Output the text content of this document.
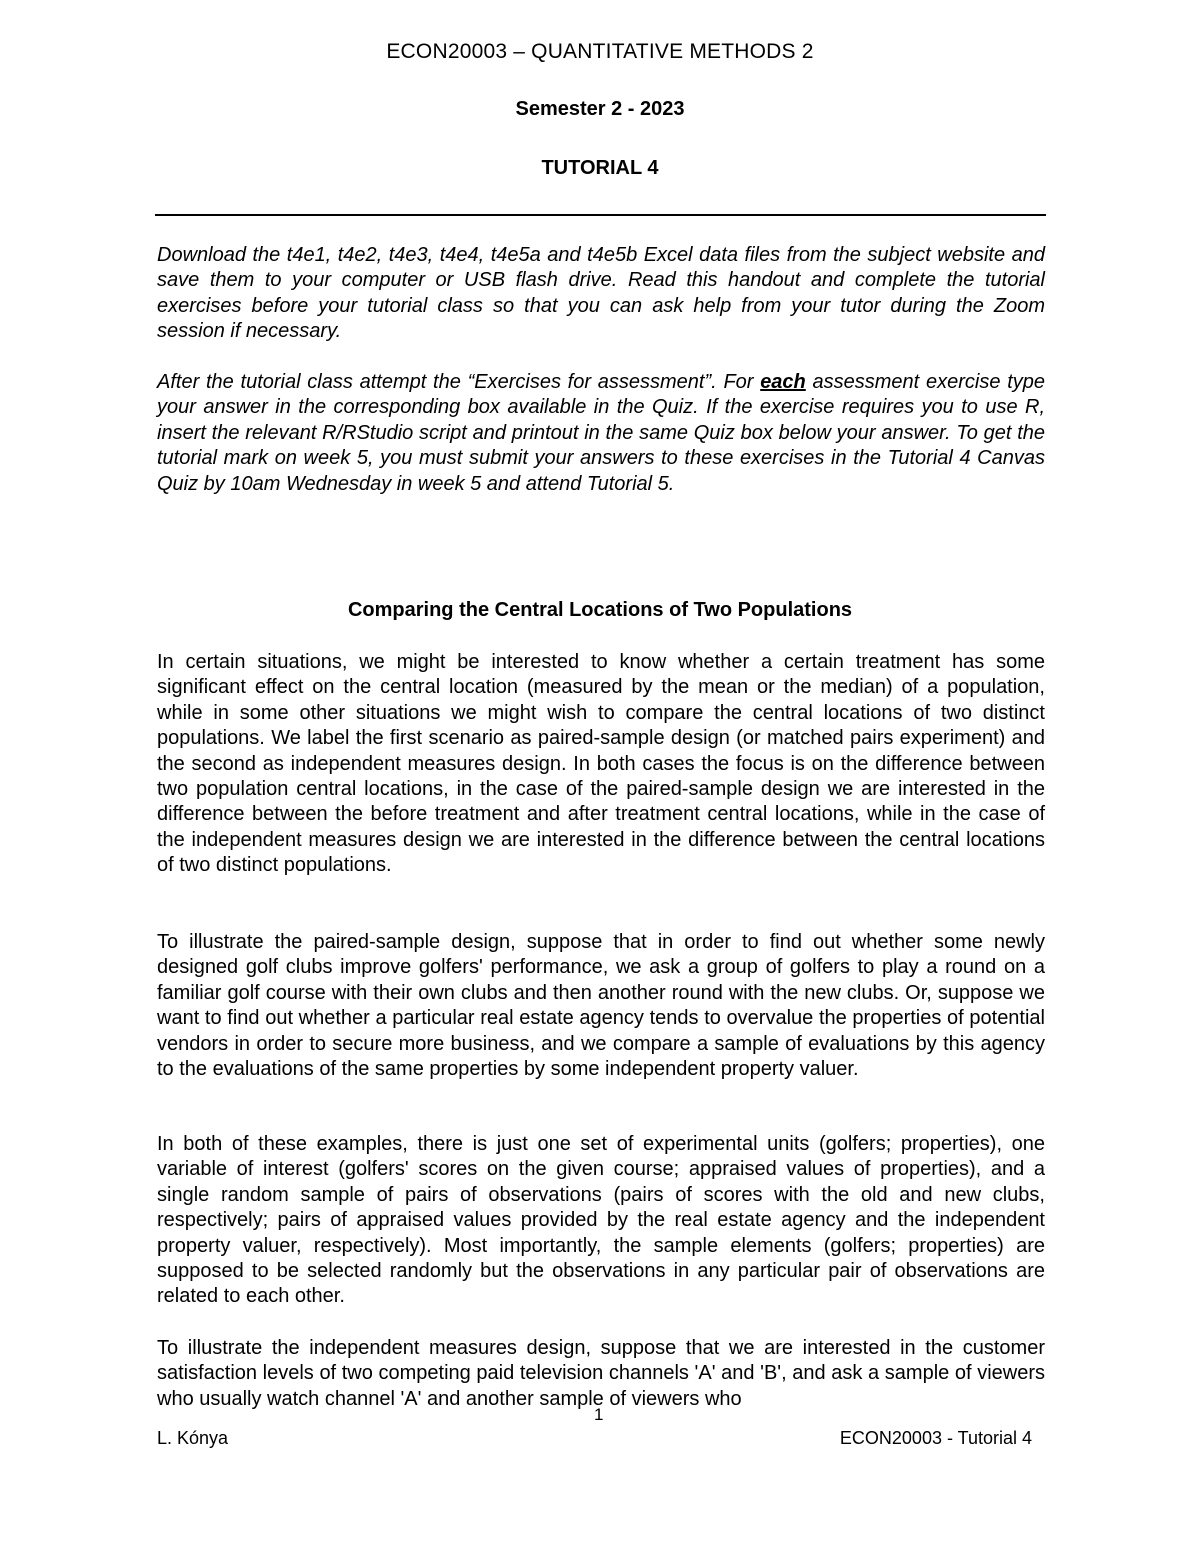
ECON20003 – QUANTITATIVE METHODS 2
Semester 2 - 2023
TUTORIAL 4

Download the t4e1, t4e2, t4e3, t4e4, t4e5a and t4e5b Excel data files from the subject website and save them to your computer or USB flash drive. Read this handout and complete the tutorial exercises before your tutorial class so that you can ask help from your tutor during the Zoom session if necessary.

After the tutorial class attempt the “Exercises for assessment”. For each assessment exercise type your answer in the corresponding box available in the Quiz. If the exercise requires you to use R, insert the relevant R/RStudio script and printout in the same Quiz box below your answer. To get the tutorial mark on week 5, you must submit your answers to these exercises in the Tutorial 4 Canvas Quiz by 10am Wednesday in week 5 and attend Tutorial 5.

Comparing the Central Locations of Two Populations

In certain situations, we might be interested to know whether a certain treatment has some significant effect on the central location (measured by the mean or the median) of a population, while in some other situations we might wish to compare the central locations of two distinct populations. We label the first scenario as paired-sample design (or matched pairs experiment) and the second as independent measures design. In both cases the focus is on the difference between two population central locations, in the case of the paired-sample design we are interested in the difference between the before treatment and after treatment central locations, while in the case of the independent measures design we are interested in the difference between the central locations of two distinct populations.

To illustrate the paired-sample design, suppose that in order to find out whether some newly designed golf clubs improve golfers' performance, we ask a group of golfers to play a round on a familiar golf course with their own clubs and then another round with the new clubs. Or, suppose we want to find out whether a particular real estate agency tends to overvalue the properties of potential vendors in order to secure more business, and we compare a sample of evaluations by this agency to the evaluations of the same properties by some independent property valuer.

In both of these examples, there is just one set of experimental units (golfers; properties), one variable of interest (golfers' scores on the given course; appraised values of properties), and a single random sample of pairs of observations (pairs of scores with the old and new clubs, respectively; pairs of appraised values provided by the real estate agency and the independent property valuer, respectively). Most importantly, the sample elements (golfers; properties) are supposed to be selected randomly but the observations in any particular pair of observations are related to each other.

To illustrate the independent measures design, suppose that we are interested in the customer satisfaction levels of two competing paid television channels 'A' and 'B', and ask a sample of viewers who usually watch channel 'A' and another sample of viewers who

1
L. Kónya	ECON20003 - Tutorial 4
